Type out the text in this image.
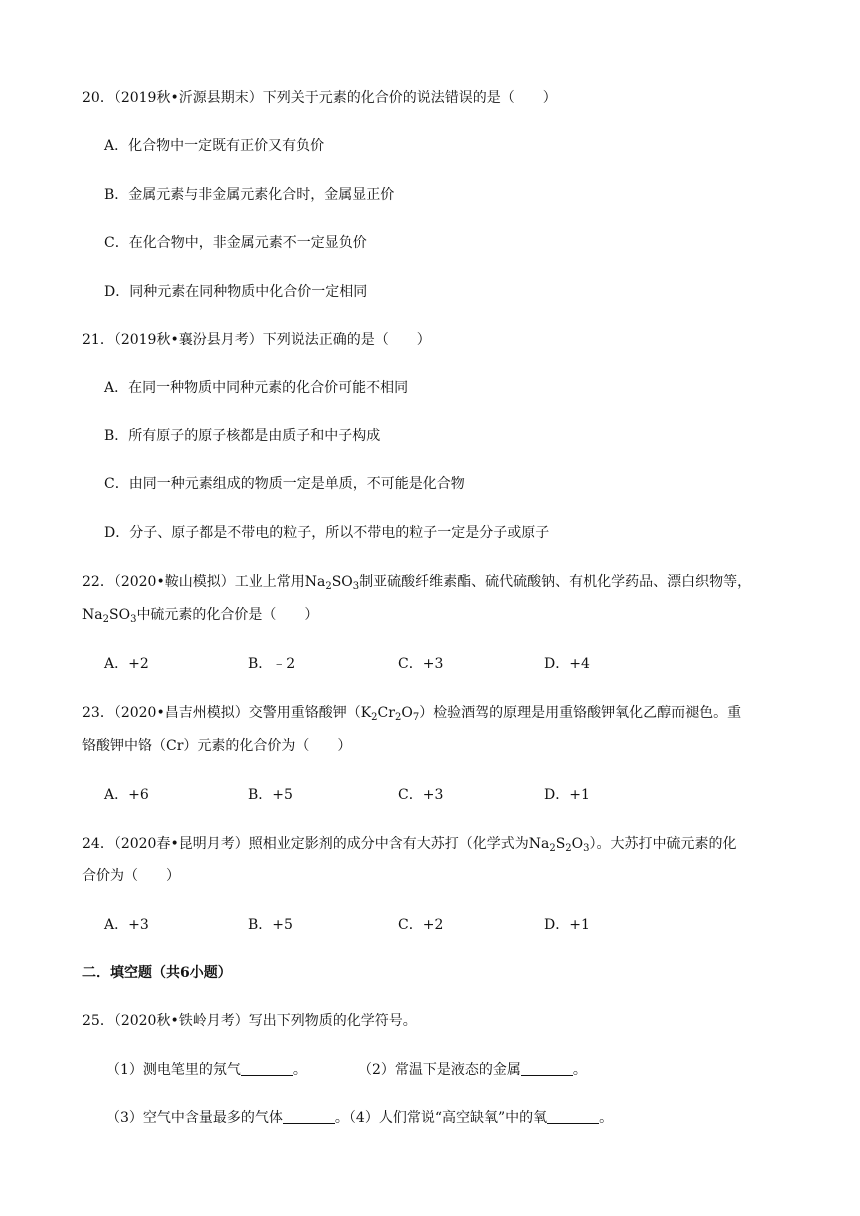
20．（2019秋•沂源县期末）下列关于元素的化合价的说法错误的是（　　）
A．化合物中一定既有正价又有负价
B．金属元素与非金属元素化合时，金属显正价
C．在化合物中，非金属元素不一定显负价
D．同种元素在同种物质中化合价一定相同
21．（2019秋•襄汾县月考）下列说法正确的是（　　）
A．在同一种物质中同种元素的化合价可能不相同
B．所有原子的原子核都是由质子和中子构成
C．由同一种元素组成的物质一定是单质，不可能是化合物
D．分子、原子都是不带电的粒子，所以不带电的粒子一定是分子或原子
22．（2020•鞍山模拟）工业上常用$Na_2SO_3$制亚硫酸纤维素酯、硫代硫酸钠、有机化学药品、漂白织物等，
$Na_2SO_3$中硫元素的化合价是（　　）
A．+2	B．﹣2	C．+3	D．+4
23．（2020•昌吉州模拟）交警用重铬酸钾$(K_2Cr_2O_7)$检验酒驾的原理是用重铬酸钾氧化乙醇而褪色。重
铬酸钾中铬（Cr）元素的化合价为（　　）
A．+6	B．+5	C．+3	D．+1
24．（2020春•昆明月考）照相业定影剂的成分中含有大苏打（化学式为$Na_2S_2O_3$）。大苏打中硫元素的化
合价为（　　）
A．+3	B．+5	C．+2	D．+1
二．填空题（共6小题）
25．（2020秋•铁岭月考）写出下列物质的化学符号。
（1）测电笔里的氖气	。	（2）常温下是液态的金属	。
（3）空气中含量最多的气体	。（4）人们常说“高空缺氧”中的氧	。
